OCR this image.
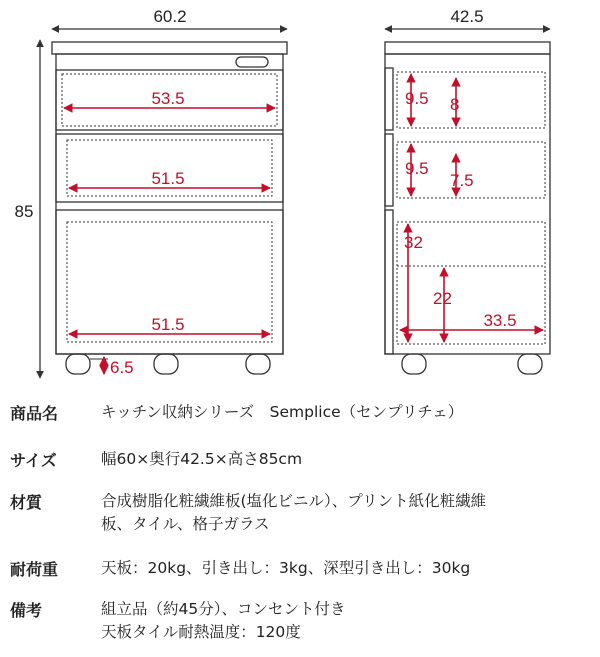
60.2
85
53.5
51.5
51.5
6.5
42.5
9.5 8
9.5
7.5
32
22
33.5
商品名	キッチン収納シリーズ　Semplice（センプリチェ）
サイズ	幅60×奥行42.5×高さ85cm
材質	合成樹脂化粧繊維板(塩化ビニル）、プリント紙化粧繊維
板、タイル、格子ガラス
耐荷重	天板：20kg、引き出し：3kg、深型引き出し：30kg
備考	組立品（約45分）、コンセント付き
天板タイル耐熱温度：120度
